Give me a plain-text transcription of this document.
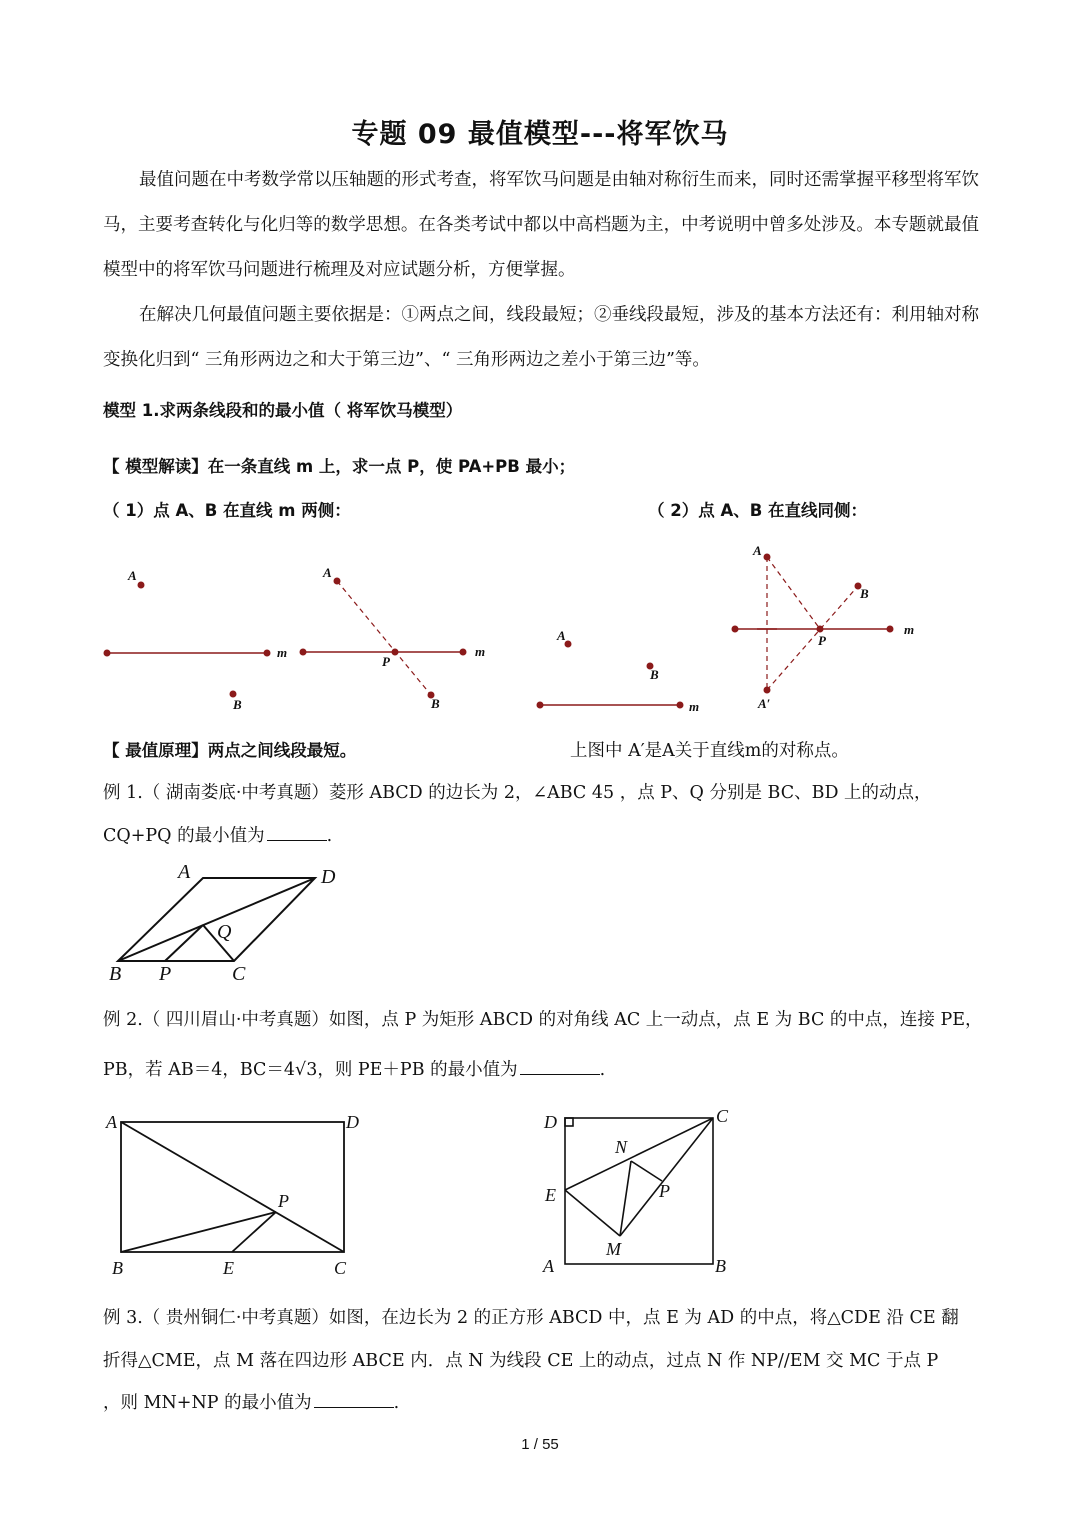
专题 09 最值模型---将军饮马
最值问题在中考数学常以压轴题的形式考查，将军饮马问题是由轴对称衍生而来，同时还需掌握平移型将军饮马，主要考查转化与化归等的数学思想。在各类考试中都以中高档题为主，中考说明中曾多处涉及。本专题就最值模型中的将军饮马问题进行梳理及对应试题分析，方便掌握。
在解决几何最值问题主要依据是：①两点之间，线段最短；②垂线段最短，涉及的基本方法还有：利用轴对称变换化归到“ 三角形两边之和大于第三边”、“ 三角形两边之差小于第三边”等。
模型 1.求两条线段和的最小值（ 将军饮马模型）
【 模型解读】在一条直线 m 上，求一点 P，使 PA+PB 最小；
（ 1）点 A、B 在直线 m 两侧：	（ 2）点 A、B 在直线同侧：
A
B
m
A
P
B
m
A
B
m
A
B
P
m
A′
【 最值原理】两点之间线段最短。	上图中 A′是A关于直线m的对称点。
例 1.（ 湖南娄底·中考真题）菱形 ABCD 的边长为 2，∠ABC 45 ，点 P、Q 分别是 BC、BD 上的动点，
CQ+PQ 的最小值为	.
A	D
Q
B P	C
例 2.（ 四川眉山·中考真题）如图，点 P 为矩形 ABCD 的对角线 AC 上一动点，点 E 为 BC 的中点，连接 PE，
PB，若 AB＝4，BC＝4√3，则 PE＋PB 的最小值为	.
A	D
P
B	E	C
D	C
N
E	P
M
A	B
例 3.（ 贵州铜仁·中考真题）如图，在边长为 2 的正方形 ABCD 中，点 E 为 AD 的中点，将△CDE 沿 CE 翻
折得△CME，点 M 落在四边形 ABCE 内．点 N 为线段 CE 上的动点，过点 N 作 NP//EM 交 MC 于点 P
，则 MN+NP 的最小值为	.
1 / 55
